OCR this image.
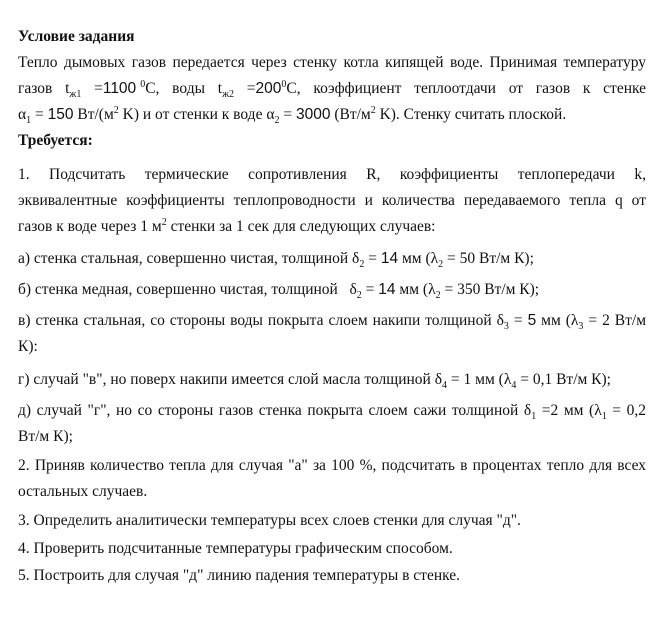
Условие задания
Тепло дымовых газов передается через стенку котла кипящей воде. Принимая температуру
газов $t_{ж1} =1100$ $^0$С, воды $t_{ж2} =200^0С$, коэффициент теплоотдачи от газов к стенке
$\alpha_1 = 150$ $Вт/(м^2$ K) и от стенки к воде $\alpha_2 = 3000$ ($Вт/м^2$ K). Стенку считать плоской.
Требуется:
1. Подсчитать термические сопротивления R, коэффициенты теплопередачи k,
эквивалентные коэффициенты теплопроводности и количества передаваемого тепла q от
газов к воде через 1 $м^2$ стенки за 1 сек для следующих случаев:
а) стенка стальная, совершенно чистая, толщиной $\delta_2 = 14$ мм ($\lambda_2 = 50$ Вт/м К);
б) стенка медная, совершенно чистая, толщиной   $\delta_2 = 14$ мм ($\lambda_2 = 350$ Вт/м К);
в) стенка стальная, со стороны воды покрыта слоем накипи толщиной $\delta_3 = 5$ мм ($\lambda_3 = 2$ Вт/м
К):
г) случай "в", но поверх накипи имеется слой масла толщиной $\delta_4 = 1$ мм ($\lambda_4 = 0,1$ Вт/м К);
д) случай "г", но со стороны газов стенка покрыта слоем сажи толщиной $\delta_1 =2$ мм ($\lambda_1 = 0,2$
Вт/м К);
2. Приняв количество тепла для случая "а" за 100 %, подсчитать в процентах тепло для всех
остальных случаев.
3. Определить аналитически температуры всех слоев стенки для случая "д".
4. Проверить подсчитанные температуры графическим способом.
5. Построить для случая "д" линию падения температуры в стенке.
